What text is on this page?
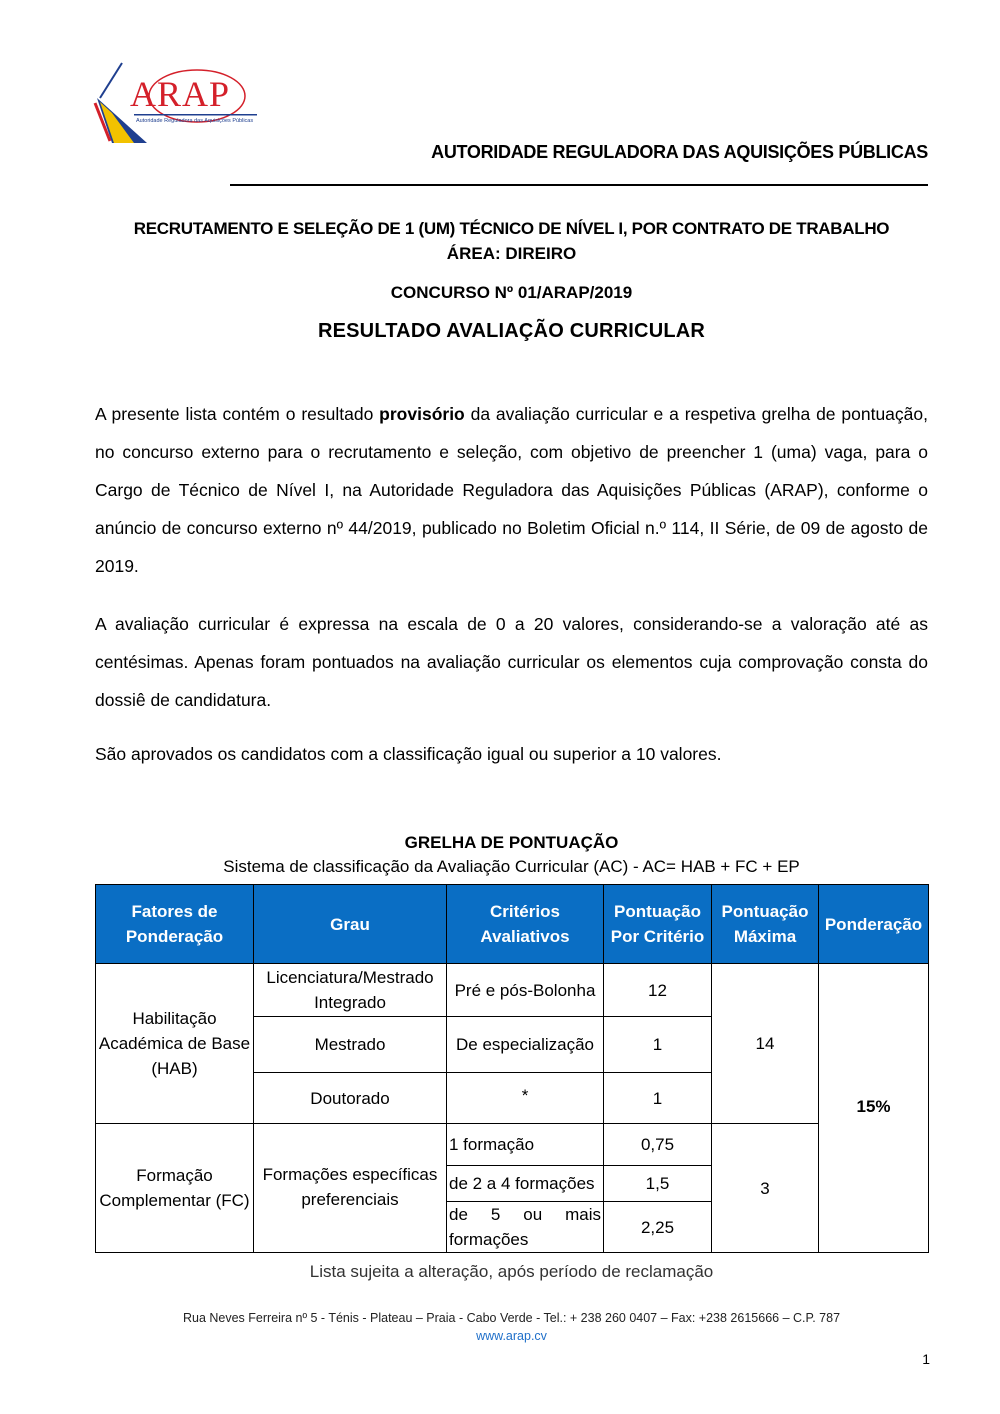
ARAP
Autoridade Reguladora das Aquisições Públicas
AUTORIDADE REGULADORA DAS AQUISIÇÕES PÚBLICAS
RECRUTAMENTO E SELEÇÃO DE 1 (UM) TÉCNICO DE NÍVEL I, POR CONTRATO DE TRABALHO
ÁREA: DIREIRO
CONCURSO Nº 01/ARAP/2019
RESULTADO AVALIAÇÃO CURRICULAR
A presente lista contém o resultado provisório da avaliação curricular e a respetiva grelha de pontuação, no concurso externo para o recrutamento e seleção, com objetivo de preencher 1 (uma) vaga, para o Cargo de Técnico de Nível I, na Autoridade Reguladora das Aquisições Públicas (ARAP), conforme o anúncio de concurso externo nº 44/2019, publicado no Boletim Oficial n.º 114, II Série, de 09 de agosto de 2019.
A avaliação curricular é expressa na escala de 0 a 20 valores, considerando-se a valoração até as centésimas. Apenas foram pontuados na avaliação curricular os elementos cuja comprovação consta do dossiê de candidatura.
São aprovados os candidatos com a classificação igual ou superior a 10 valores.
GRELHA DE PONTUAÇÃO
Sistema de classificação da Avaliação Curricular (AC) - AC= HAB + FC + EP
Fatores de Ponderação	Grau	Critérios Avaliativos	Pontuação Por Critério	Pontuação Máxima	Ponderação
Habilitação Académica de Base (HAB)	Licenciatura/Mestrado Integrado	Pré e pós-Bolonha	12	14	15%
	Mestrado	De especialização	1		
	Doutorado	*	1		
Formação Complementar (FC)	Formações específicas preferenciais	1 formação	0,75	3	
		de 2 a 4 formações	1,5		
		de 5 ou mais formações	2,25		
Lista sujeita a alteração, após período de reclamação
Rua Neves Ferreira nº 5 - Ténis - Plateau – Praia - Cabo Verde - Tel.: + 238 260 0407 – Fax: +238 2615666 – C.P. 787
www.arap.cv
1
